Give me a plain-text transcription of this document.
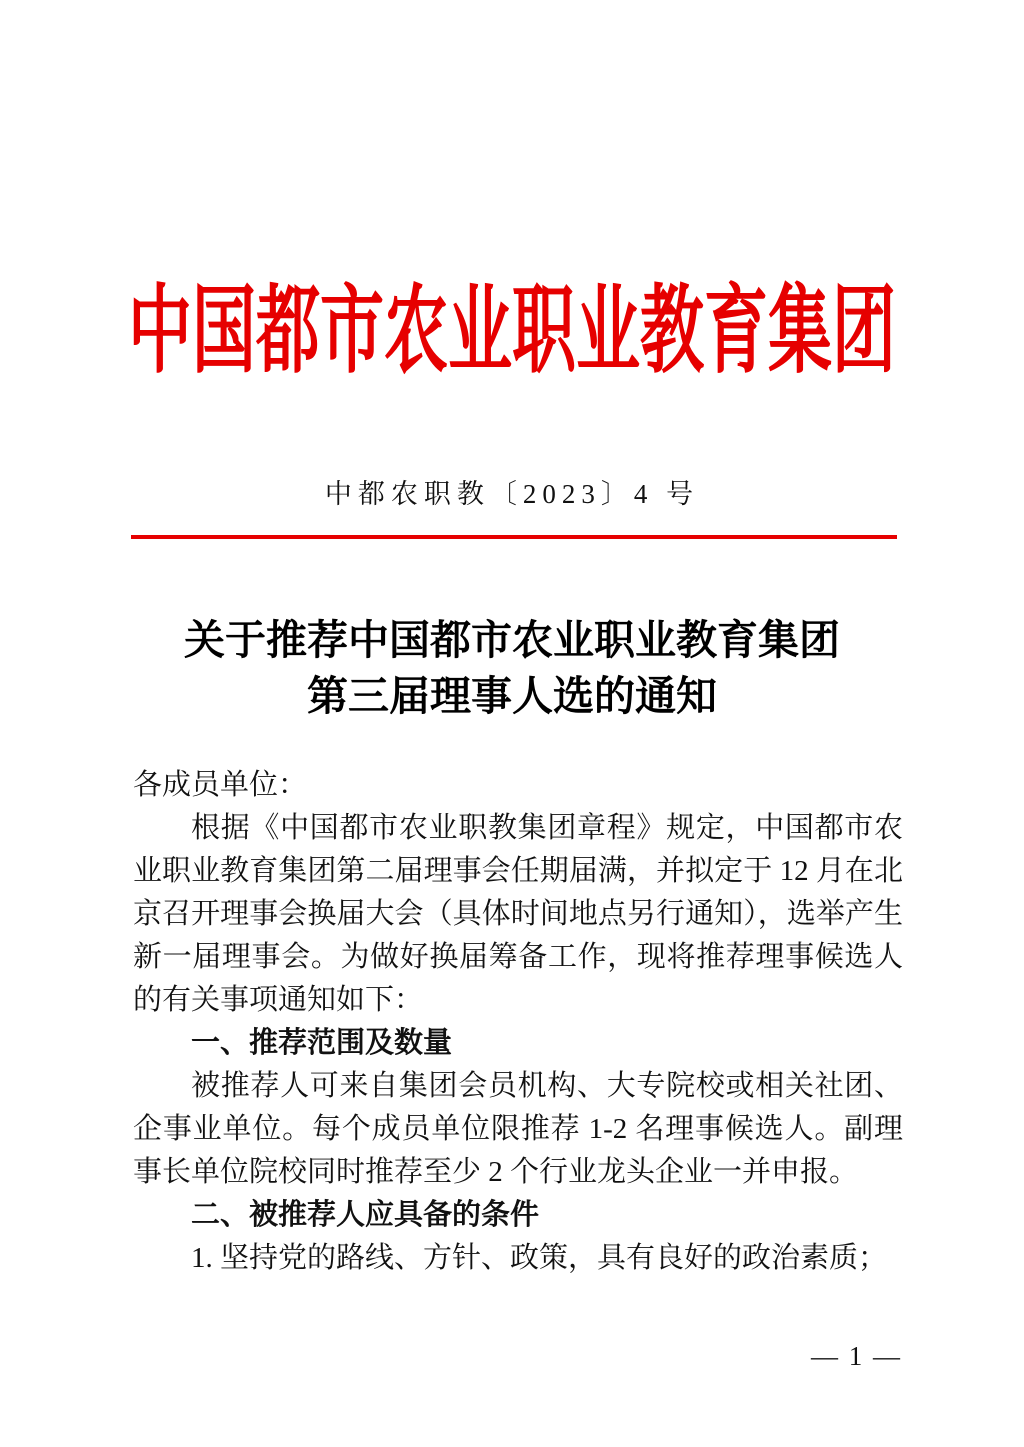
中国都市农业职业教育集团
中都农职教〔2023〕4 号
关于推荐中国都市农业职业教育集团
第三届理事人选的通知

各成员单位：

根据《中国都市农业职教集团章程》规定，中国都市农业职业教育集团第二届理事会任期届满，并拟定于 12 月在北京召开理事会换届大会（具体时间地点另行通知），选举产生新一届理事会。为做好换届筹备工作，现将推荐理事候选人的有关事项通知如下：

一、推荐范围及数量

被推荐人可来自集团会员机构、大专院校或相关社团、企事业单位。每个成员单位限推荐 1-2 名理事候选人。副理事长单位院校同时推荐至少 2 个行业龙头企业一并申报。

二、被推荐人应具备的条件

1. 坚持党的路线、方针、政策，具有良好的政治素质；

— 1 —
